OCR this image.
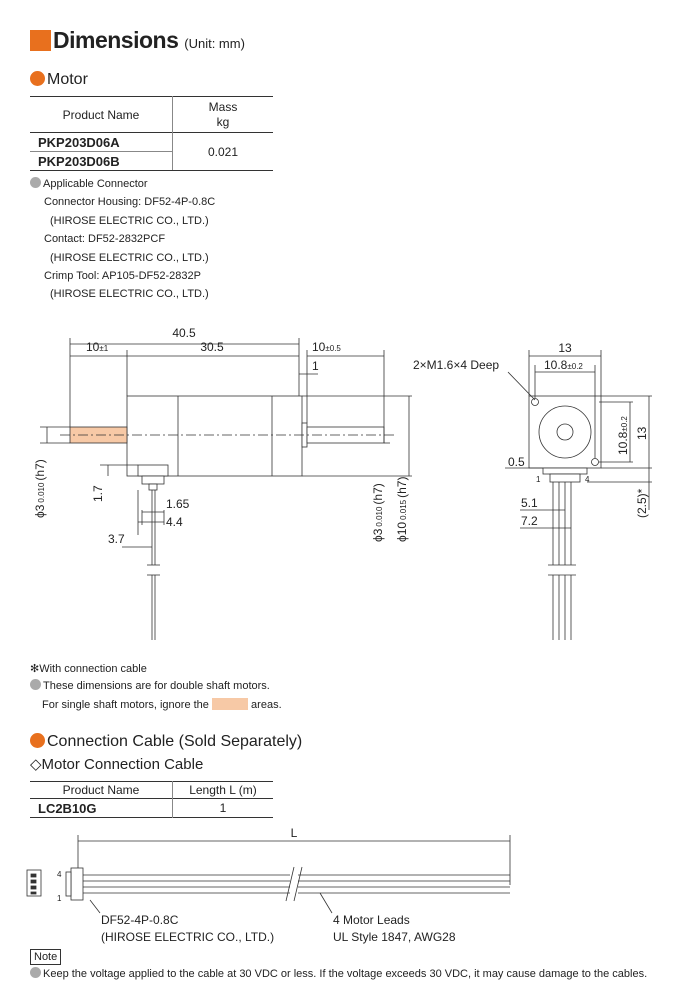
Dimensions (Unit: mm)
Motor
Product Name	Mass
kg
PKP203D06A	0.021
PKP203D06B	
Applicable Connector
Connector Housing: DF52-4P-0.8C
(HIROSE ELECTRIC CO., LTD.)
Contact: DF52-2832PCF
(HIROSE ELECTRIC CO., LTD.)
Crimp Tool: AP105-DF52-2832P
(HIROSE ELECTRIC CO., LTD.)
40.5
10±1	30.5	10±0.5
1
1.7
1.65
4.4
3.7
ϕ30.010(h7)
ϕ30.010(h7)
ϕ100.015(h7)
13
10.8±0.2
2×M1.6×4 Deep
10.8±0.2
13
0.5
1	4
5.1
7.2
(2.5)*
✻With connection cable
These dimensions are for double shaft motors.
For single shaft motors, ignore the	areas.
Connection Cable (Sold Separately)
◇Motor Connection Cable
Product Name	Length L (m)
LC2B10G	1
L
4
1
DF52-4P-0.8C
(HIROSE ELECTRIC CO., LTD.)
4 Motor Leads
UL Style 1847, AWG28
Note
Keep the voltage applied to the cable at 30 VDC or less. If the voltage exceeds 30 VDC, it may cause damage to the cables.
